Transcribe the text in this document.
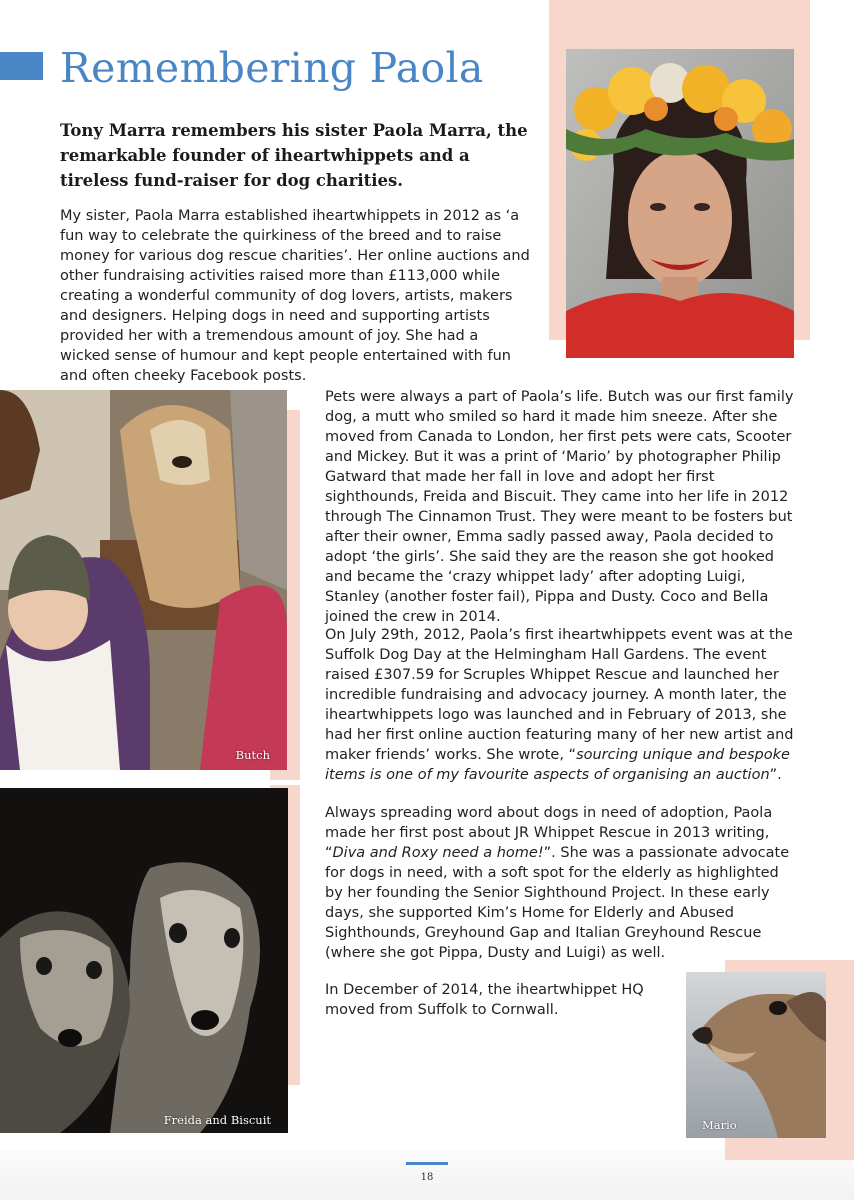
Remembering Paola
Tony Marra remembers his sister Paola Marra, the remarkable founder of iheartwhippets and a tireless fund-raiser for dog charities.
My sister, Paola Marra established iheartwhippets in 2012 as ‘a fun way to celebrate the quirkiness of the breed and to raise money for various dog rescue charities’. Her online auctions and other fundraising activities raised more than £113,000 while creating a wonderful community of dog lovers, artists, makers and designers. Helping dogs in need and supporting artists provided her with a tremendous amount of joy. She had a wicked sense of humour and kept people entertained with fun and often cheeky Facebook posts.
Butch
Freida and Biscuit	Mario
Pets were always a part of Paola’s life. Butch was our first family dog, a mutt who smiled so hard it made him sneeze. After she moved from Canada to London, her first pets were cats, Scooter and Mickey. But it was a print of ‘Mario’ by photographer Philip Gatward that made her fall in love and adopt her first sighthounds, Freida and Biscuit. They came into her life in 2012 through The Cinnamon Trust. They were meant to be fosters but after their owner, Emma sadly passed away, Paola decided to adopt ‘the girls’. She said they are the reason she got hooked and became the ‘crazy whippet lady’ after adopting Luigi, Stanley (another foster fail), Pippa and Dusty. Coco and Bella joined the crew in 2014.
On July 29th, 2012, Paola’s first iheartwhippets event was at the Suffolk Dog Day at the Helmingham Hall Gardens. The event raised £307.59 for Scruples Whippet Rescue and launched her incredible fundraising and advocacy journey. A month later, the iheartwhippets logo was launched and in February of 2013, she had her first online auction featuring many of her new artist and maker friends’ works. She wrote, “sourcing unique and bespoke items is one of my favourite aspects of organising an auction”.
Always spreading word about dogs in need of adoption, Paola made her first post about JR Whippet Rescue in 2013 writing, “Diva and Roxy need a home!”. She was a passionate advocate for dogs in need, with a soft spot for the elderly as highlighted by her founding the Senior Sighthound Project. In these early days, she supported Kim’s Home for Elderly and Abused Sighthounds, Greyhound Gap and Italian Greyhound Rescue (where she got Pippa, Dusty and Luigi) as well.
In December of 2014, the iheartwhippet HQ moved from Suffolk to Cornwall.
18
